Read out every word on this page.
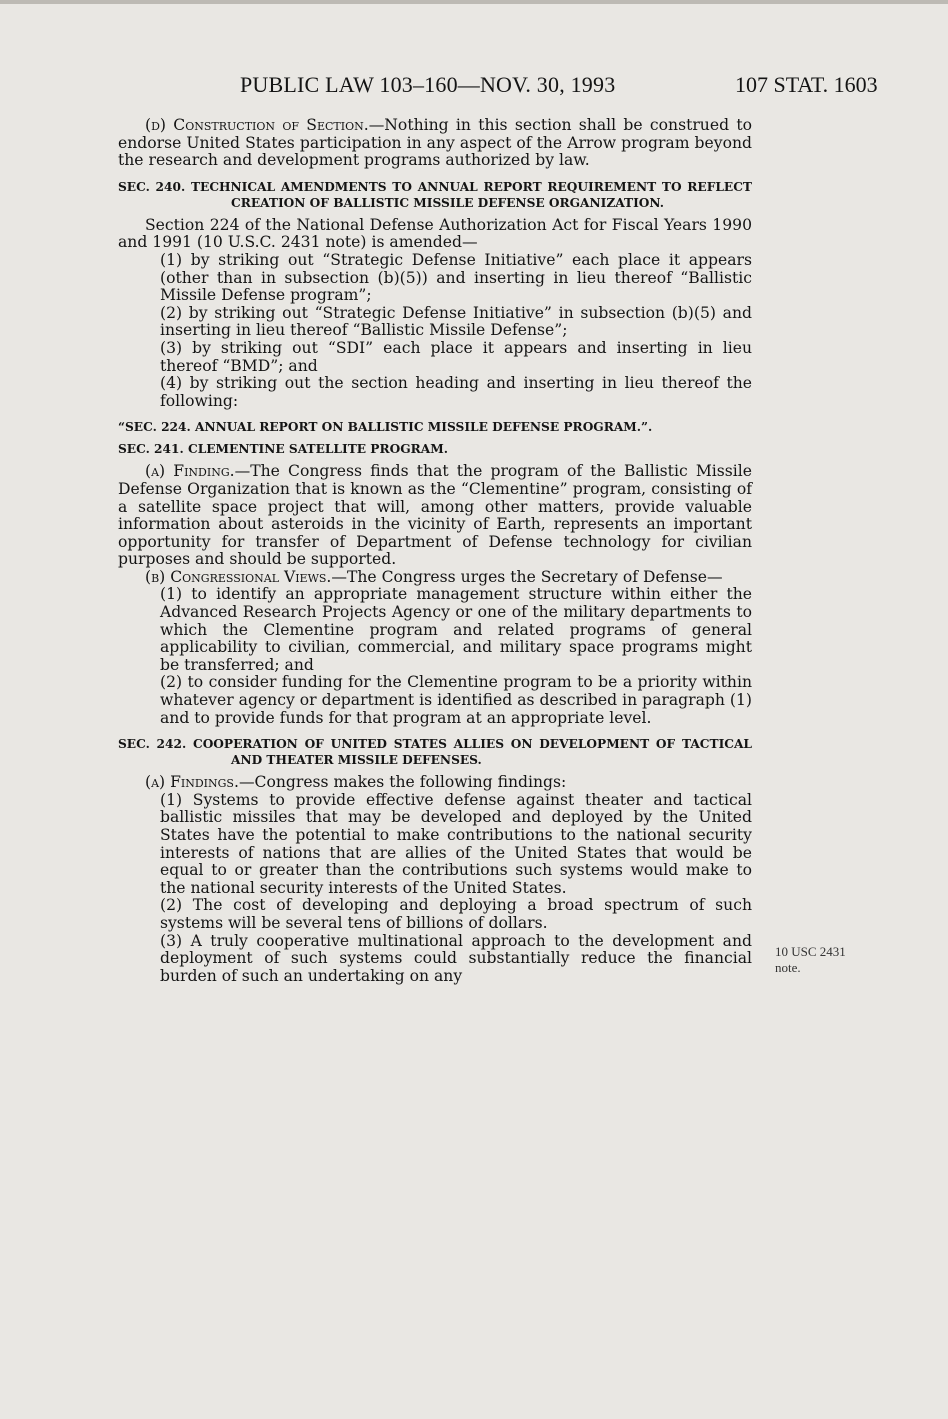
PUBLIC LAW 103–160—NOV. 30, 1993	107 STAT. 1603
10 USC 2431
note.

(d) Construction of Section.—Nothing in this section shall be construed to endorse United States participation in any aspect of the Arrow program beyond the research and development programs authorized by law.

SEC. 240. TECHNICAL AMENDMENTS TO ANNUAL REPORT REQUIREMENT TO REFLECT CREATION OF BALLISTIC MISSILE DEFENSE ORGANIZATION.

Section 224 of the National Defense Authorization Act for Fiscal Years 1990 and 1991 (10 U.S.C. 2431 note) is amended—

(1) by striking out “Strategic Defense Initiative” each place it appears (other than in subsection (b)(5)) and inserting in lieu thereof “Ballistic Missile Defense program”;

(2) by striking out “Strategic Defense Initiative” in subsection (b)(5) and inserting in lieu thereof “Ballistic Missile Defense”;

(3) by striking out “SDI” each place it appears and inserting in lieu thereof “BMD”; and

(4) by striking out the section heading and inserting in lieu thereof the following:

“SEC. 224. ANNUAL REPORT ON BALLISTIC MISSILE DEFENSE PROGRAM.”.
SEC. 241. CLEMENTINE SATELLITE PROGRAM.

(a) Finding.—The Congress finds that the program of the Ballistic Missile Defense Organization that is known as the “Clementine” program, consisting of a satellite space project that will, among other matters, provide valuable information about asteroids in the vicinity of Earth, represents an important opportunity for transfer of Department of Defense technology for civilian purposes and should be supported.

(b) Congressional Views.—The Congress urges the Secretary of Defense—

(1) to identify an appropriate management structure within either the Advanced Research Projects Agency or one of the military departments to which the Clementine program and related programs of general applicability to civilian, commercial, and military space programs might be transferred; and

(2) to consider funding for the Clementine program to be a priority within whatever agency or department is identified as described in paragraph (1) and to provide funds for that program at an appropriate level.

SEC. 242. COOPERATION OF UNITED STATES ALLIES ON DEVELOPMENT OF TACTICAL AND THEATER MISSILE DEFENSES.

(a) Findings.—Congress makes the following findings:

(1) Systems to provide effective defense against theater and tactical ballistic missiles that may be developed and deployed by the United States have the potential to make contributions to the national security interests of nations that are allies of the United States that would be equal to or greater than the contributions such systems would make to the national security interests of the United States.

(2) The cost of developing and deploying a broad spectrum of such systems will be several tens of billions of dollars.

(3) A truly cooperative multinational approach to the development and deployment of such systems could substantially reduce the financial burden of such an undertaking on any
